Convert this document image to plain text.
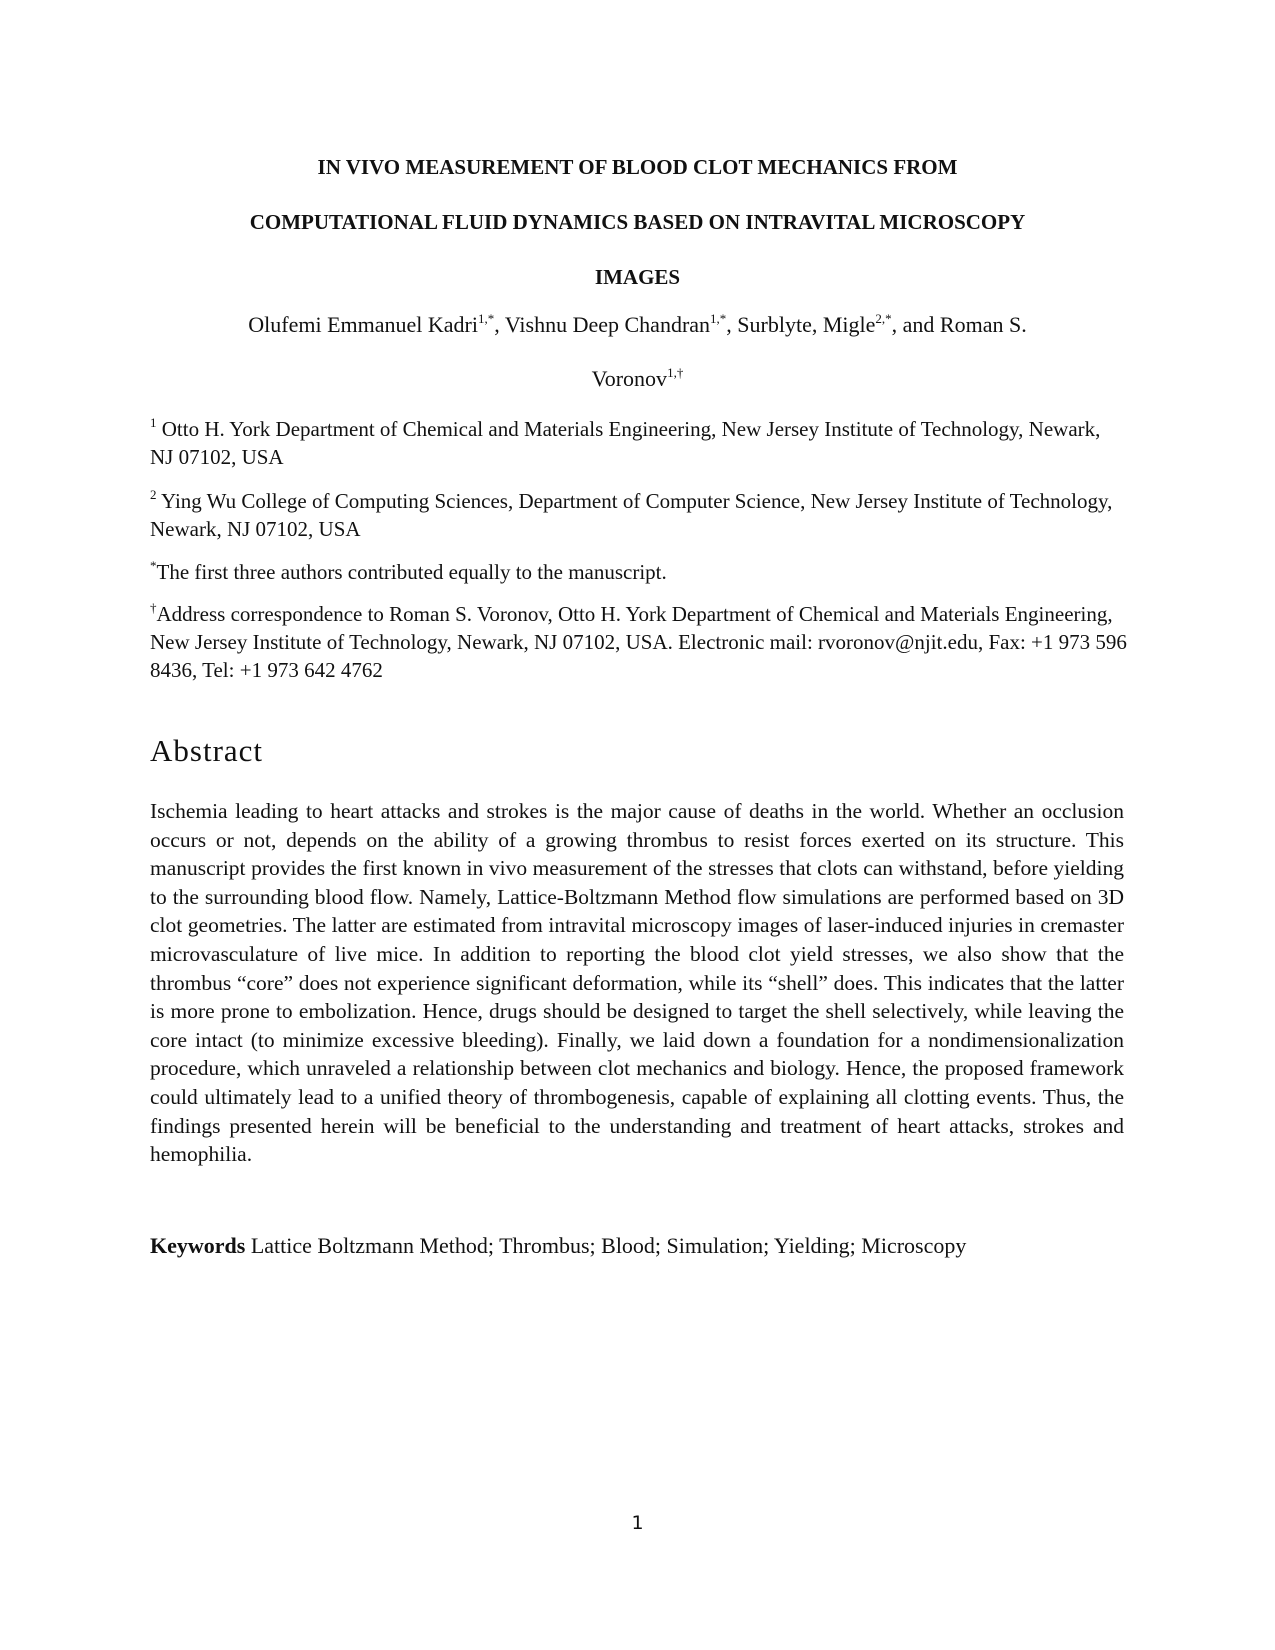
IN VIVO MEASUREMENT OF BLOOD CLOT MECHANICS FROM
COMPUTATIONAL FLUID DYNAMICS BASED ON INTRAVITAL MICROSCOPY
IMAGES
Olufemi Emmanuel Kadri$^{1,*}$, Vishnu Deep Chandran$^{1,*}$, Surblyte, Migle$^{2,*}$, and Roman S.
Voronov$^{1,\dagger}$
$^1$ Otto H. York Department of Chemical and Materials Engineering, New Jersey Institute of Technology, Newark, NJ 07102, USA
$^2$ Ying Wu College of Computing Sciences, Department of Computer Science, New Jersey Institute of Technology, Newark, NJ 07102, USA
*The first three authors contributed equally to the manuscript.
†Address correspondence to Roman S. Voronov, Otto H. York Department of Chemical and Materials Engineering, New Jersey Institute of Technology, Newark, NJ 07102, USA. Electronic mail: rvoronov@njit.edu, Fax: +1 973 596 8436, Tel: +1 973 642 4762
Abstract
Ischemia leading to heart attacks and strokes is the major cause of deaths in the world. Whether an occlusion occurs or not, depends on the ability of a growing thrombus to resist forces exerted on its structure. This manuscript provides the first known in vivo measurement of the stresses that clots can withstand, before yielding to the surrounding blood flow. Namely, Lattice-Boltzmann Method flow simulations are performed based on 3D clot geometries. The latter are estimated from intravital microscopy images of laser-induced injuries in cremaster microvasculature of live mice. In addition to reporting the blood clot yield stresses, we also show that the thrombus “core” does not experience significant deformation, while its “shell” does. This indicates that the latter is more prone to embolization. Hence, drugs should be designed to target the shell selectively, while leaving the core intact (to minimize excessive bleeding). Finally, we laid down a foundation for a nondimensionalization procedure, which unraveled a relationship between clot mechanics and biology. Hence, the proposed framework could ultimately lead to a unified theory of thrombogenesis, capable of explaining all clotting events. Thus, the findings presented herein will be beneficial to the understanding and treatment of heart attacks, strokes and hemophilia.
Keywords Lattice Boltzmann Method; Thrombus; Blood; Simulation; Yielding; Microscopy
1
